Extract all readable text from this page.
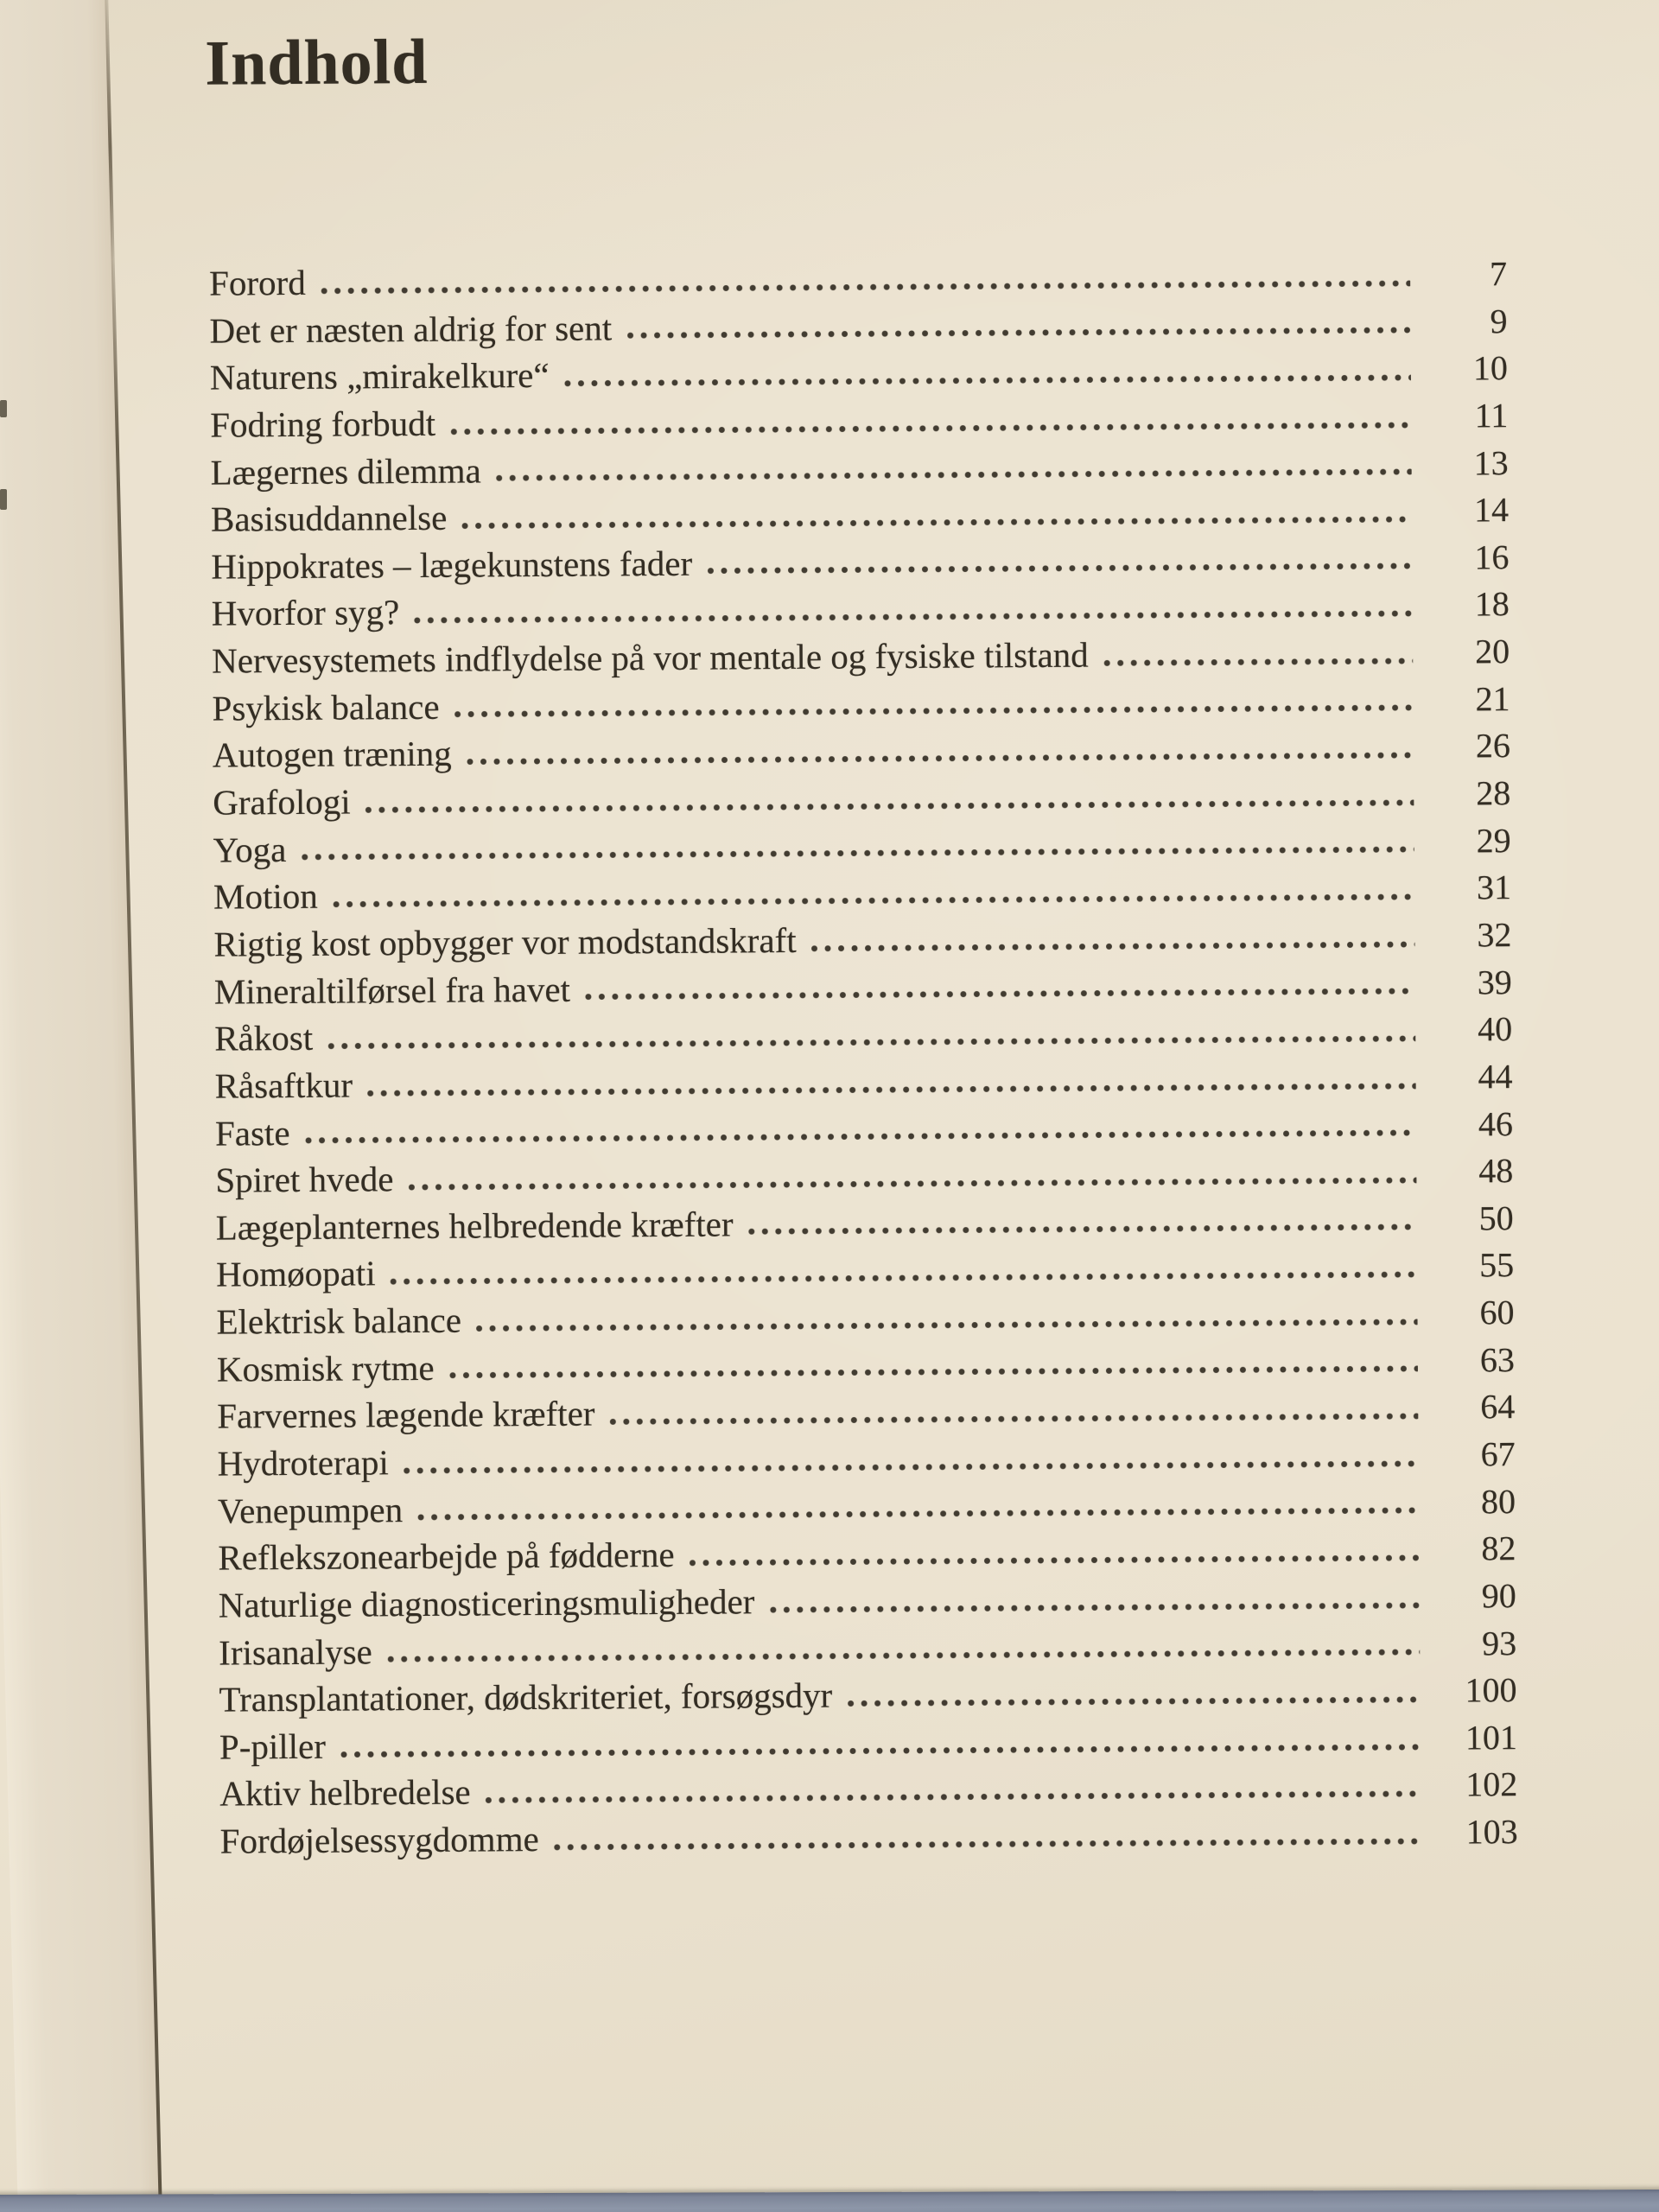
Indhold
Forord	7
Det er næsten aldrig for sent	9
Naturens „mirakelkure“	10
Fodring forbudt	11
Lægernes dilemma	13
Basisuddannelse	14
Hippokrates – lægekunstens fader	16
Hvorfor syg?	18
Nervesystemets indflydelse på vor mentale og fysiske tilstand	20
Psykisk balance	21
Autogen træning	26
Grafologi	28
Yoga	29
Motion	31
Rigtig kost opbygger vor modstandskraft	32
Mineraltilførsel fra havet	39
Råkost	40
Råsaftkur	44
Faste	46
Spiret hvede	48
Lægeplanternes helbredende kræfter	50
Homøopati	55
Elektrisk balance	60
Kosmisk rytme	63
Farvernes lægende kræfter	64
Hydroterapi	67
Venepumpen	80
Reflekszonearbejde på fødderne	82
Naturlige diagnosticeringsmuligheder	90
Irisanalyse	93
Transplantationer, dødskriteriet, forsøgsdyr	100
P-piller	101
Aktiv helbredelse	102
Fordøjelsessygdomme	103
